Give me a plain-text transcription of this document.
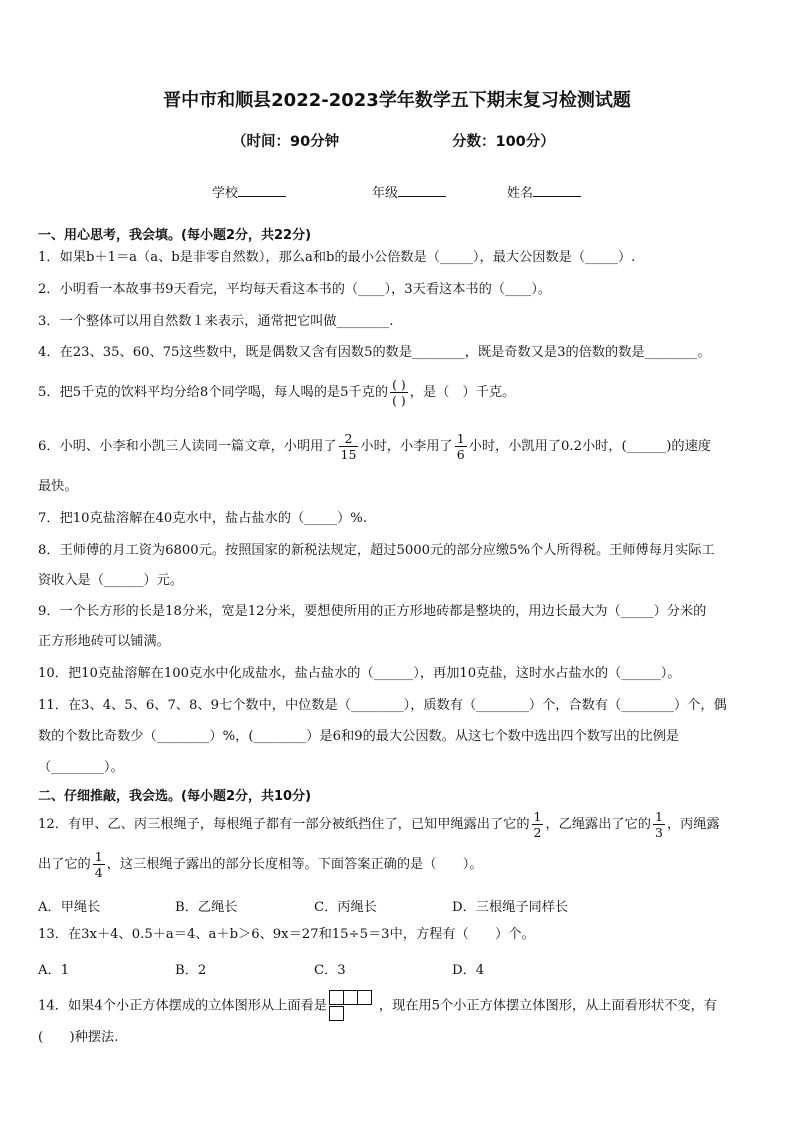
晋中市和顺县2022-2023学年数学五下期末复习检测试题
（时间：90分钟	分数：100分）
学校	年级	姓名
一、用心思考，我会填。(每小题2分，共22分)
1．如果b＋1＝a（a、b是非零自然数），那么a和b的最小公倍数是（_____），最大公因数是（_____）.
2．小明看一本故事书9天看完，平均每天看这本书的（____），3天看这本书的（____）。
3．一个整体可以用自然数１来表示，通常把它叫做________.
4．在23、35、60、75这些数中，既是偶数又含有因数5的数是________，既是奇数又是3的倍数的数是________。
5．把5千克的饮料平均分给8个同学喝，每人喝的是5千克的 $\frac{( )}{( )}$ ，是（　）千克。
6．小明、小李和小凯三人读同一篇文章，小明用了 $\frac{2}{15}$ 小时，小李用了 $\frac{1}{6}$ 小时，小凯用了0.2小时，(______)的速度
最快。
7．把10克盐溶解在40克水中，盐占盐水的（_____）%.
8．王师傅的月工资为6800元。按照国家的新税法规定，超过5000元的部分应缴5%个人所得税。王师傅每月实际工
资收入是（______）元。
9．一个长方形的长是18分米，宽是12分米，要想使所用的正方形地砖都是整块的，用边长最大为（_____）分米的
正方形地砖可以铺满。
10．把10克盐溶解在100克水中化成盐水，盐占盐水的（______），再加10克盐，这时水占盐水的（______）。
11．在3、4、5、6、7、8、9七个数中，中位数是（________），质数有（________）个，合数有（________）个，偶
数的个数比奇数少（________）%，(________）是6和9的最大公因数。从这七个数中选出四个数写出的比例是
（________）。
二、仔细推敲，我会选。(每小题2分，共10分)
12．有甲、乙、丙三根绳子，每根绳子都有一部分被纸挡住了，已知甲绳露出了它的 $\frac{1}{2}$ ，乙绳露出了它的 $\frac{1}{3}$ ，丙绳露
出了它的 $\frac{1}{4}$ ，这三根绳子露出的部分长度相等。下面答案正确的是（　　）。
A．甲绳长	B．乙绳长	C．丙绳长	D．三根绳子同样长
13．在3x＋4、0.5＋a＝4、a＋b＞6、9x＝27和15÷5＝3中，方程有（　　）个。
A．1	B．2	C．3	D．4
14．如果4个小正方体摆成的立体图形从上面看是	，现在用5个小正方体摆立体图形，从上面看形状不变，有
(　　)种摆法.
